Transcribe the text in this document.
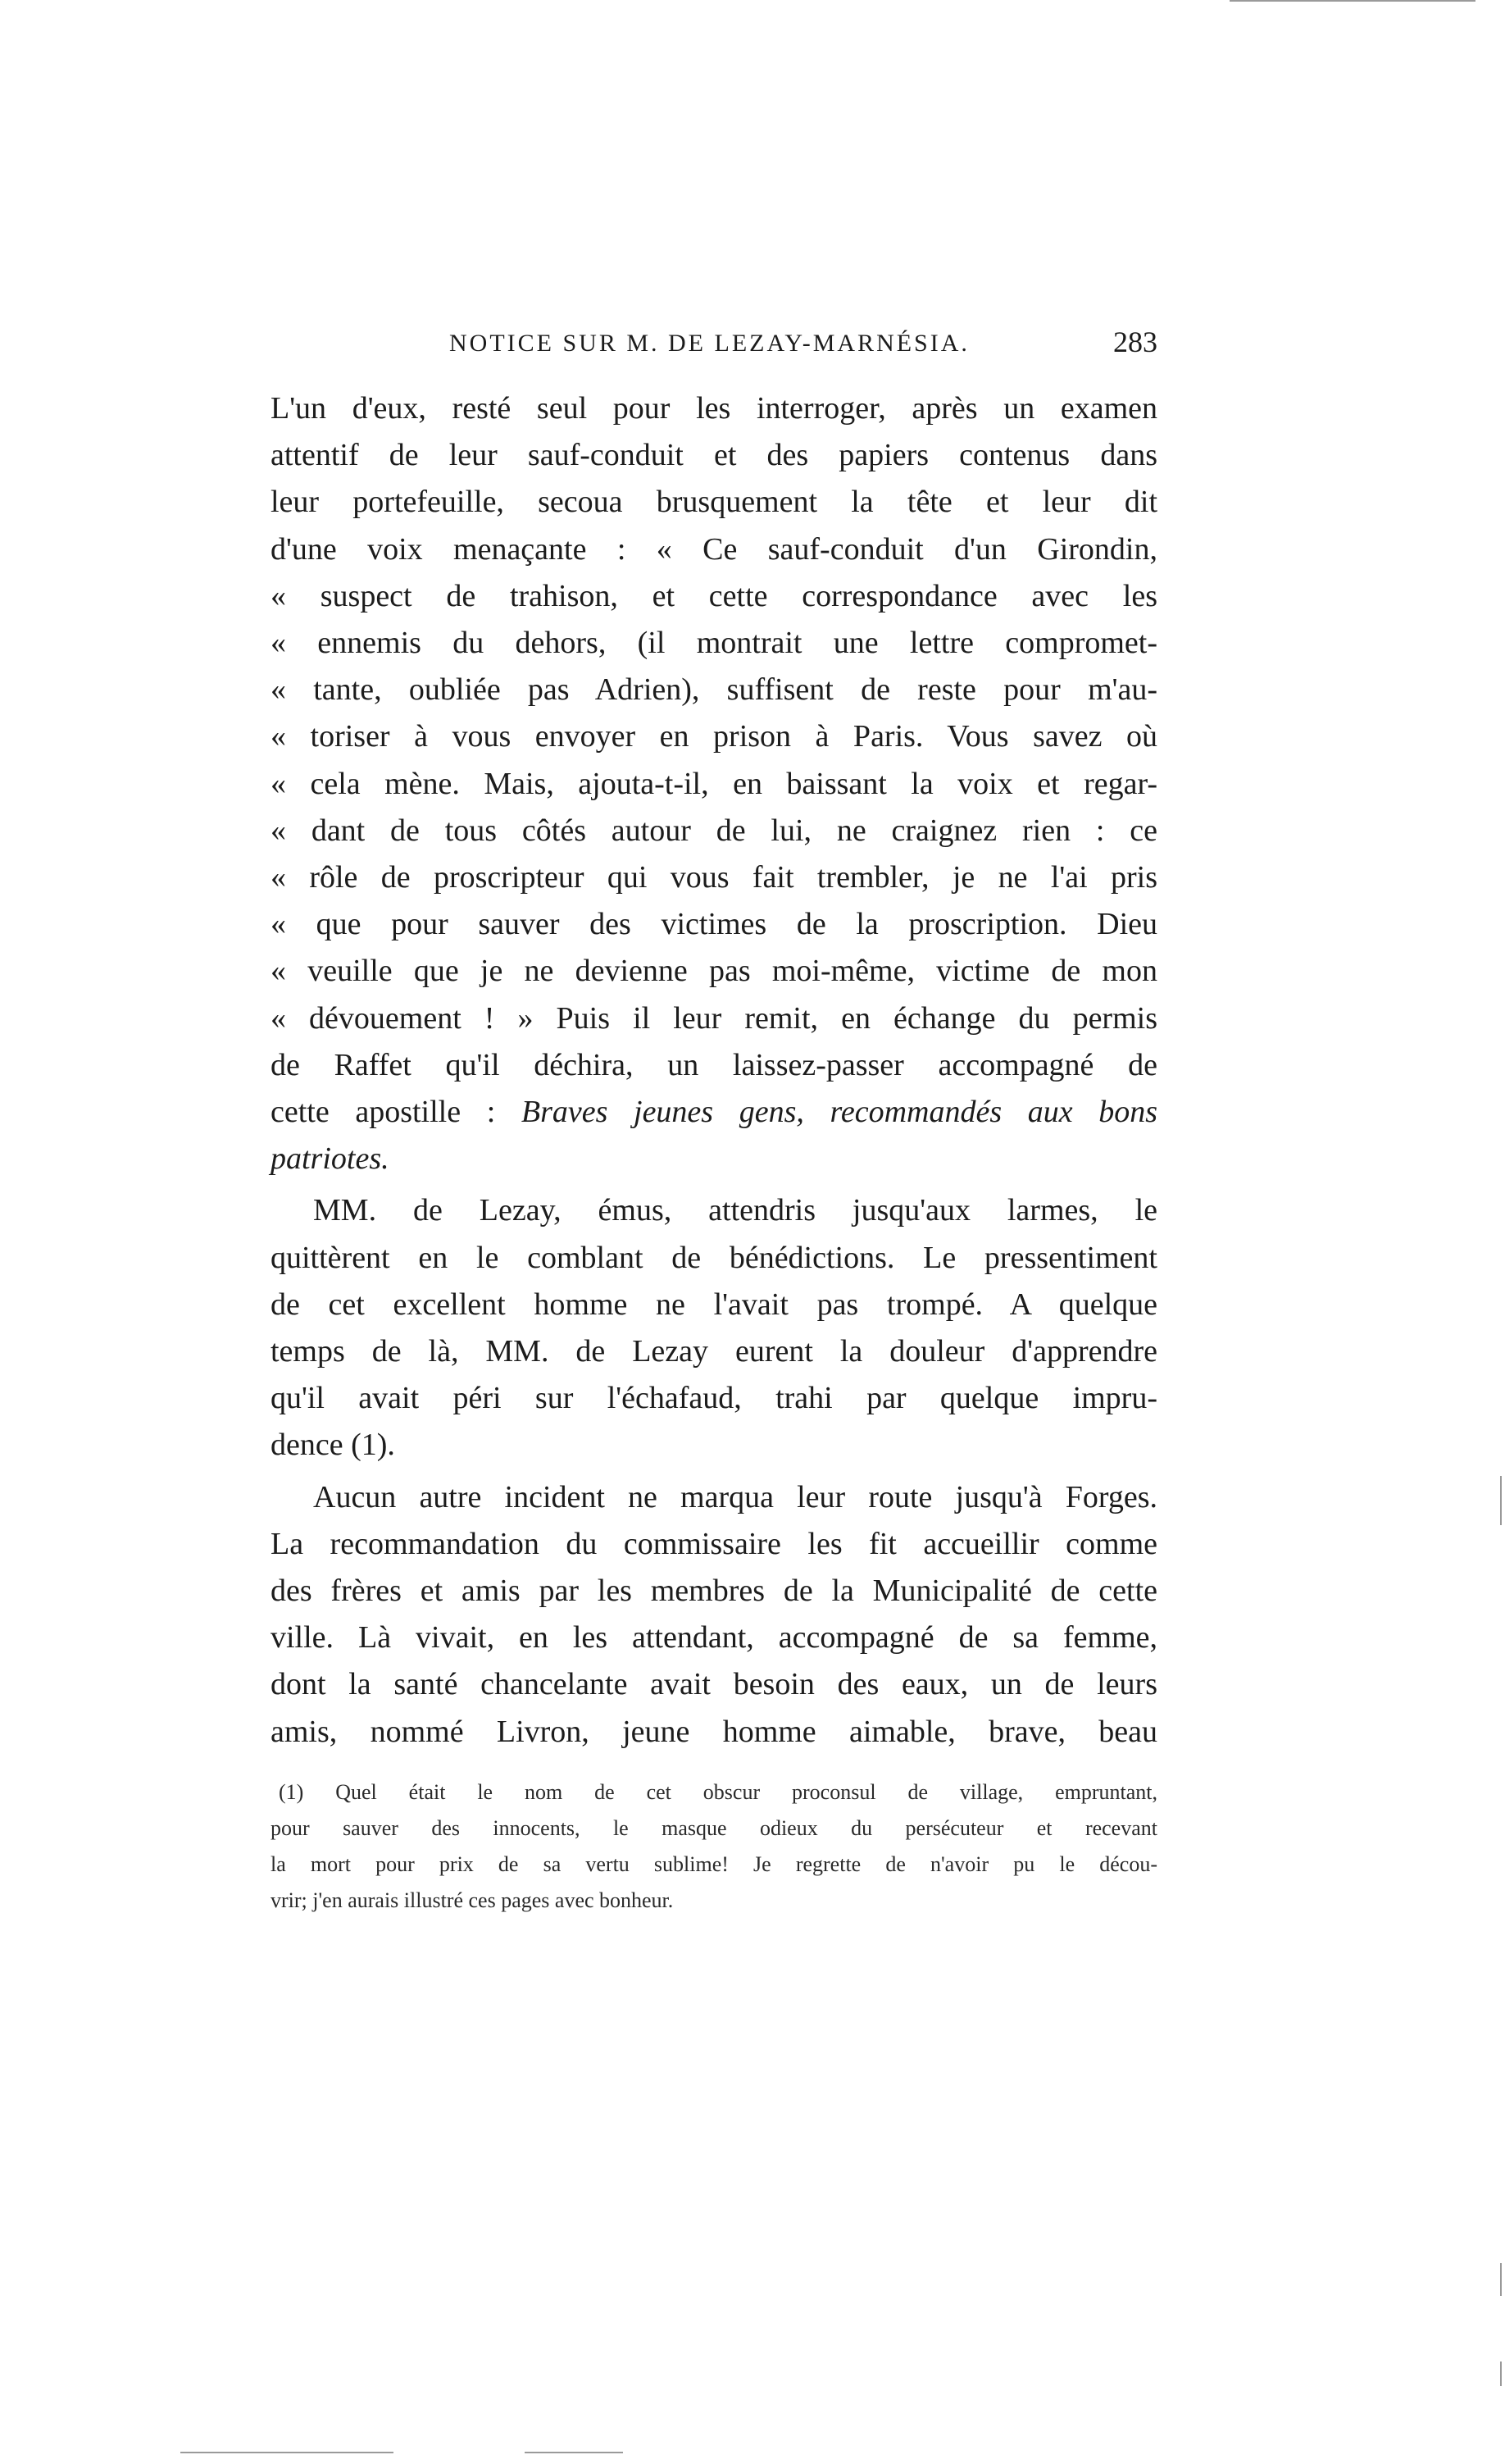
NOTICE SUR M. DE LEZAY-MARNÉSIA.	283
L'un d'eux, resté seul pour les interroger, après un examen
attentif de leur sauf-conduit et des papiers contenus dans
leur portefeuille, secoua brusquement la tête et leur dit
d'une voix menaçante : « Ce sauf-conduit d'un Girondin,
« suspect de trahison, et cette correspondance avec les
« ennemis du dehors, (il montrait une lettre compromet-
« tante, oubliée pas Adrien), suffisent de reste pour m'au-
« toriser à vous envoyer en prison à Paris. Vous savez où
« cela mène. Mais, ajouta-t-il, en baissant la voix et regar-
« dant de tous côtés autour de lui, ne craignez rien : ce
« rôle de proscripteur qui vous fait trembler, je ne l'ai pris
« que pour sauver des victimes de la proscription. Dieu
« veuille que je ne devienne pas moi-même, victime de mon
« dévouement ! » Puis il leur remit, en échange du permis
de Raffet qu'il déchira, un laissez-passer accompagné de
cette apostille : Braves jeunes gens, recommandés aux bons
patriotes.
MM. de Lezay, émus, attendris jusqu'aux larmes, le
quittèrent en le comblant de bénédictions. Le pressentiment
de cet excellent homme ne l'avait pas trompé. A quelque
temps de là, MM. de Lezay eurent la douleur d'apprendre
qu'il avait péri sur l'échafaud, trahi par quelque impru-
dence (1).
Aucun autre incident ne marqua leur route jusqu'à Forges.
La recommandation du commissaire les fit accueillir comme
des frères et amis par les membres de la Municipalité de cette
ville. Là vivait, en les attendant, accompagné de sa femme,
dont la santé chancelante avait besoin des eaux, un de leurs
amis, nommé Livron, jeune homme aimable, brave, beau
(1) Quel était le nom de cet obscur proconsul de village, empruntant,
pour sauver des innocents, le masque odieux du persécuteur et recevant
la mort pour prix de sa vertu sublime! Je regrette de n'avoir pu le décou-
vrir; j'en aurais illustré ces pages avec bonheur.
